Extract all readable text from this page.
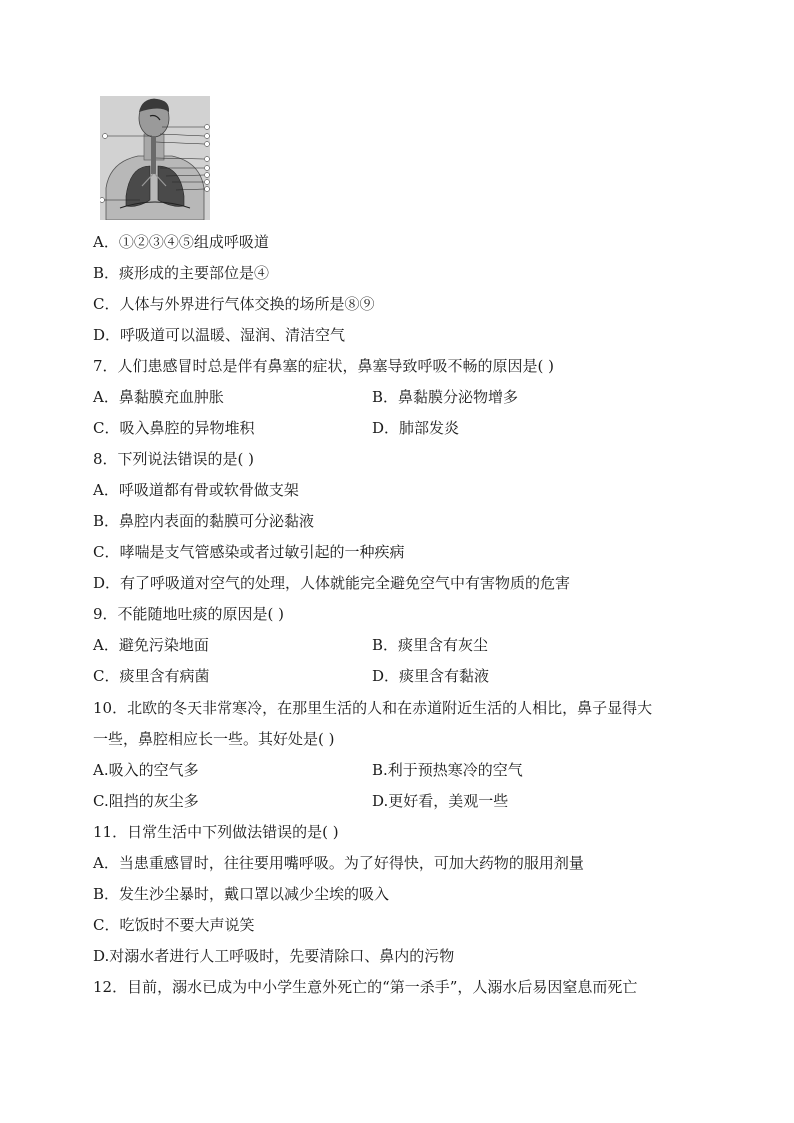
A．①②③④⑤组成呼吸道
B．痰形成的主要部位是④
C．人体与外界进行气体交换的场所是⑧⑨
D．呼吸道可以温暖、湿润、清洁空气
7．人们患感冒时总是伴有鼻塞的症状，鼻塞导致呼吸不畅的原因是( )
A．鼻黏膜充血肿胀	B．鼻黏膜分泌物增多
C．吸入鼻腔的异物堆积	D．肺部发炎
8．下列说法错误的是( )
A．呼吸道都有骨或软骨做支架
B．鼻腔内表面的黏膜可分泌黏液
C．哮喘是支气管感染或者过敏引起的一种疾病
D．有了呼吸道对空气的处理，人体就能完全避免空气中有害物质的危害
9．不能随地吐痰的原因是( )
A．避免污染地面	B．痰里含有灰尘
C．痰里含有病菌	D．痰里含有黏液
10．北欧的冬天非常寒冷，在那里生活的人和在赤道附近生活的人相比，鼻子显得大
一些，鼻腔相应长一些。其好处是( )
A.吸入的空气多	B.利于预热寒冷的空气
C.阻挡的灰尘多	D.更好看，美观一些
11．日常生活中下列做法错误的是( )
A．当患重感冒时，往往要用嘴呼吸。为了好得快，可加大药物的服用剂量
B．发生沙尘暴时，戴口罩以减少尘埃的吸入
C．吃饭时不要大声说笑
D.对溺水者进行人工呼吸时，先要清除口、鼻内的污物
12．目前，溺水已成为中小学生意外死亡的“第一杀手”，人溺水后易因窒息而死亡
